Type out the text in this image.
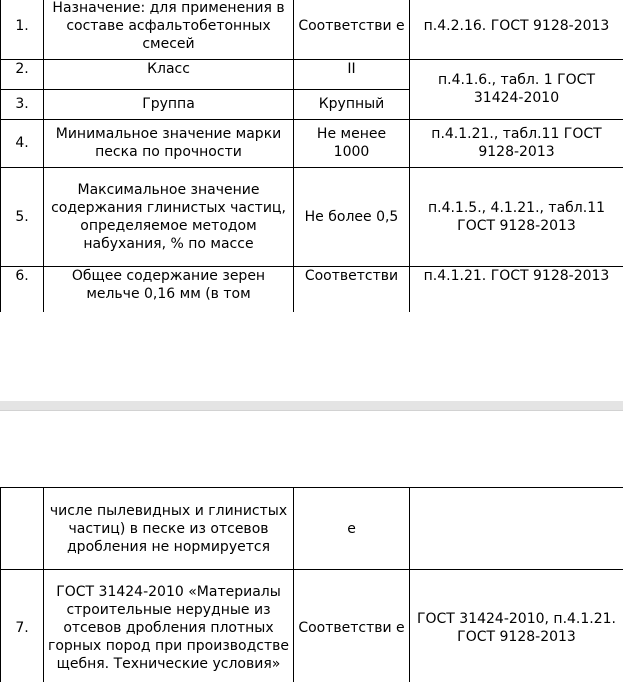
1.	Назначение: для применения в составе асфальтобетонных смесей	Соответстви е	п.4.2.16. ГОСТ 9128-2013
2.	Класс	II	п.4.1.6., табл. 1 ГОСТ 31424-2010
3.	Группа	Крупный	
4.	Минимальное значение марки песка по прочности	Не менее 1000	п.4.1.21., табл.11 ГОСТ 9128-2013
5.	Максимальное значение содержания глинистых частиц, определяемое методом набухания, % по массе	Не более 0,5	п.4.1.5., 4.1.21., табл.11 ГОСТ 9128-2013
6.	Общее содержание зерен мельче 0,16 мм (в том	Соответстви	п.4.1.21. ГОСТ 9128-2013
	числе пылевидных и глинистых частиц) в песке из отсевов дробления не нормируется	е	
7.	ГОСТ 31424-2010 «Материалы строительные нерудные из отсевов дробления плотных горных пород при производстве щебня. Технические условия»	Соответстви е	ГОСТ 31424-2010, п.4.1.21. ГОСТ 9128-2013
